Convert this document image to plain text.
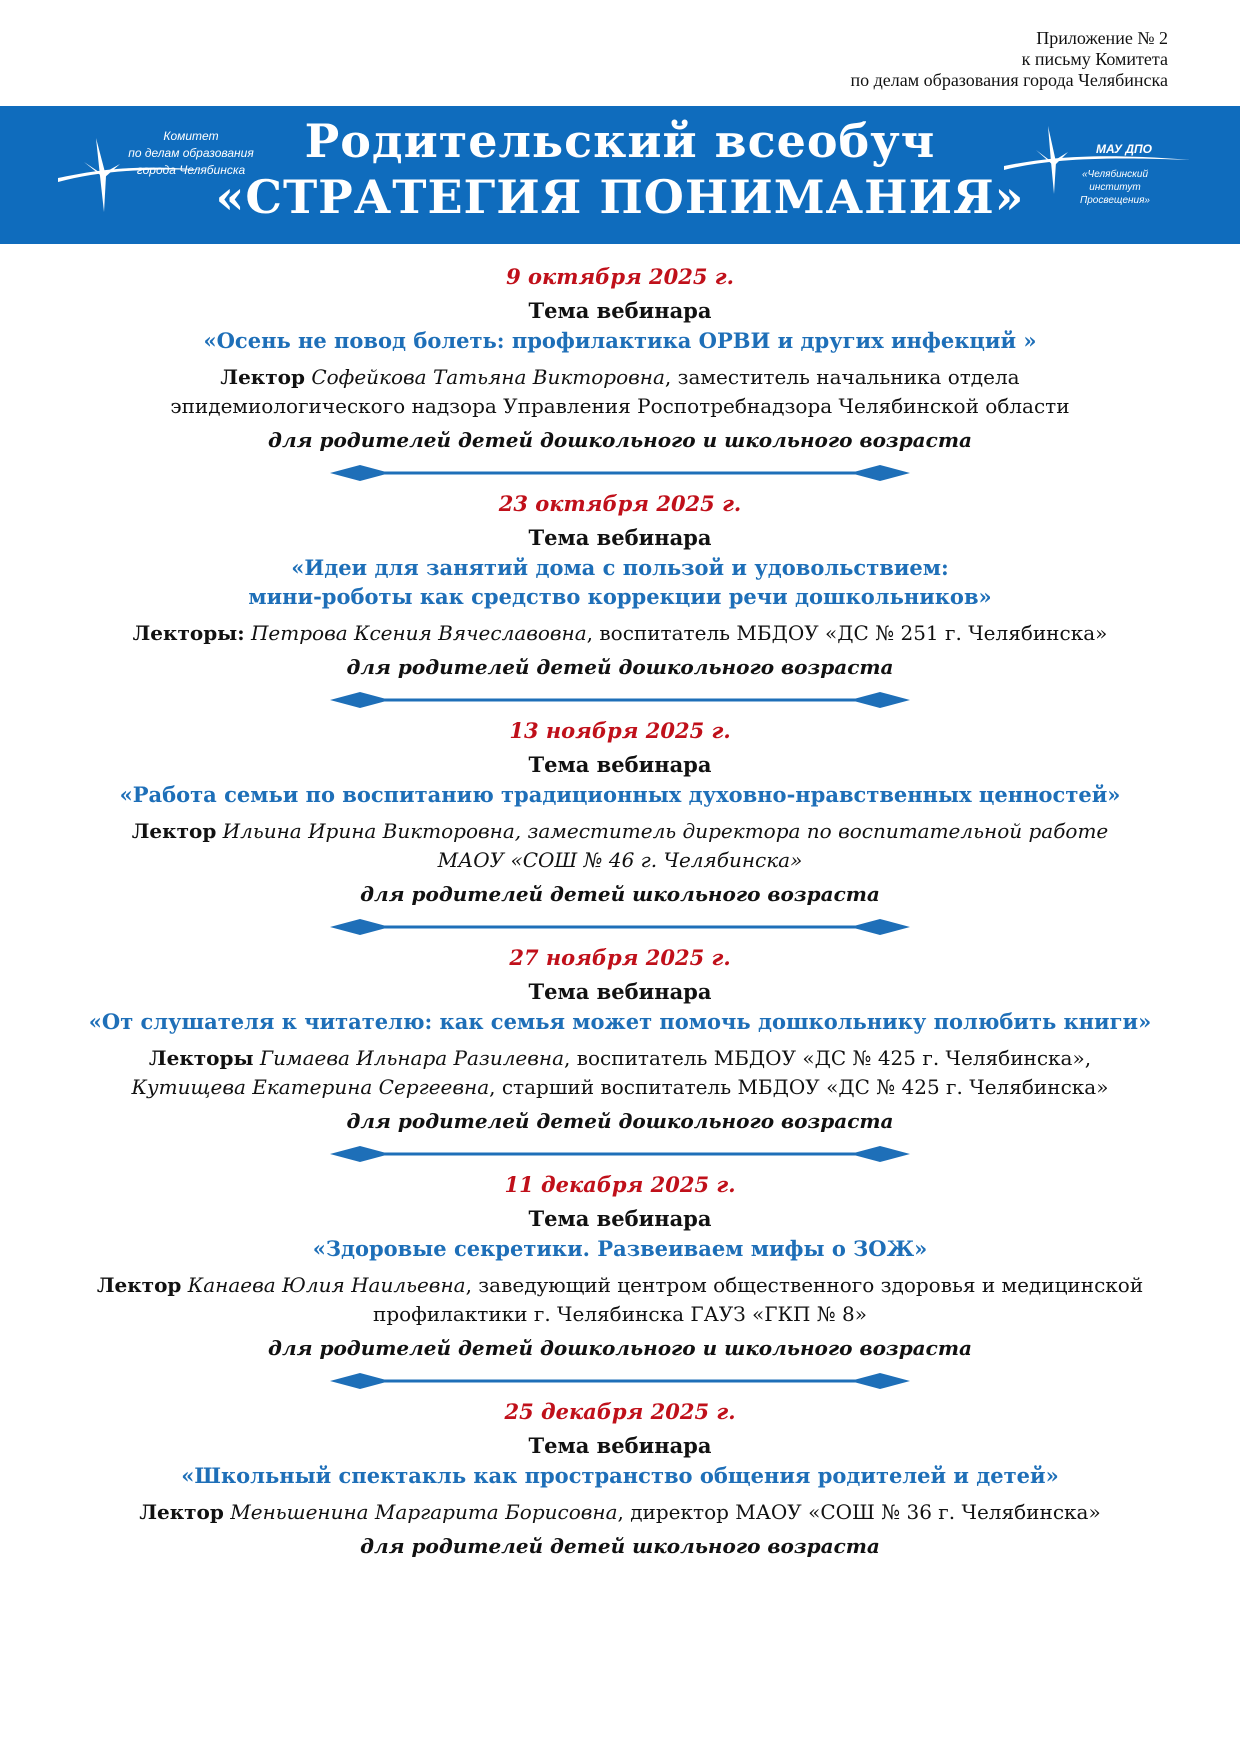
Приложение № 2
к письму Комитета
по делам образования города Челябинска
Комитет
по делам образования
города Челябинска
Родительский всеобуч
«СТРАТЕГИЯ ПОНИМАНИЯ»
МАУ ДПО
«Челябинский институт
Просвещения»
9 октября 2025 г.
Тема вебинара
«Осень не повод болеть: профилактика ОРВИ и других инфекций »
Лектор Софейкова Татьяна Викторовна, заместитель начальника отдела
эпидемиологического надзора Управления Роспотребнадзора Челябинской области
для родителей детей дошкольного и школьного возраста
23 октября 2025 г.
Тема вебинара
«Идеи для занятий дома с пользой и удовольствием:
мини-роботы как средство коррекции речи дошкольников»
Лекторы: Петрова Ксения Вячеславовна, воспитатель МБДОУ «ДС № 251 г. Челябинска»
для родителей детей дошкольного возраста
13 ноября 2025 г.
Тема вебинара
«Работа семьи по воспитанию традиционных духовно-нравственных ценностей»
Лектор Ильина Ирина Викторовна, заместитель директора по воспитательной работе
МАОУ «СОШ № 46 г. Челябинска»
для родителей детей школьного возраста
27 ноября 2025 г.
Тема вебинара
«От слушателя к читателю: как семья может помочь дошкольнику полюбить книги»
Лекторы Гимаева Ильнара Разилевна, воспитатель МБДОУ «ДС № 425 г. Челябинска»,
Кутищева Екатерина Сергеевна, старший воспитатель МБДОУ «ДС № 425 г. Челябинска»
для родителей детей дошкольного возраста
11 декабря 2025 г.
Тема вебинара
«Здоровые секретики. Развеиваем мифы о ЗОЖ»
Лектор Канаева Юлия Наильевна, заведующий центром общественного здоровья и медицинской
профилактики г. Челябинска ГАУЗ «ГКП № 8»
для родителей детей дошкольного и школьного возраста
25 декабря 2025 г.
Тема вебинара
«Школьный спектакль как пространство общения родителей и детей»
Лектор Меньшенина Маргарита Борисовна, директор МАОУ «СОШ № 36 г. Челябинска»
для родителей детей школьного возраста
